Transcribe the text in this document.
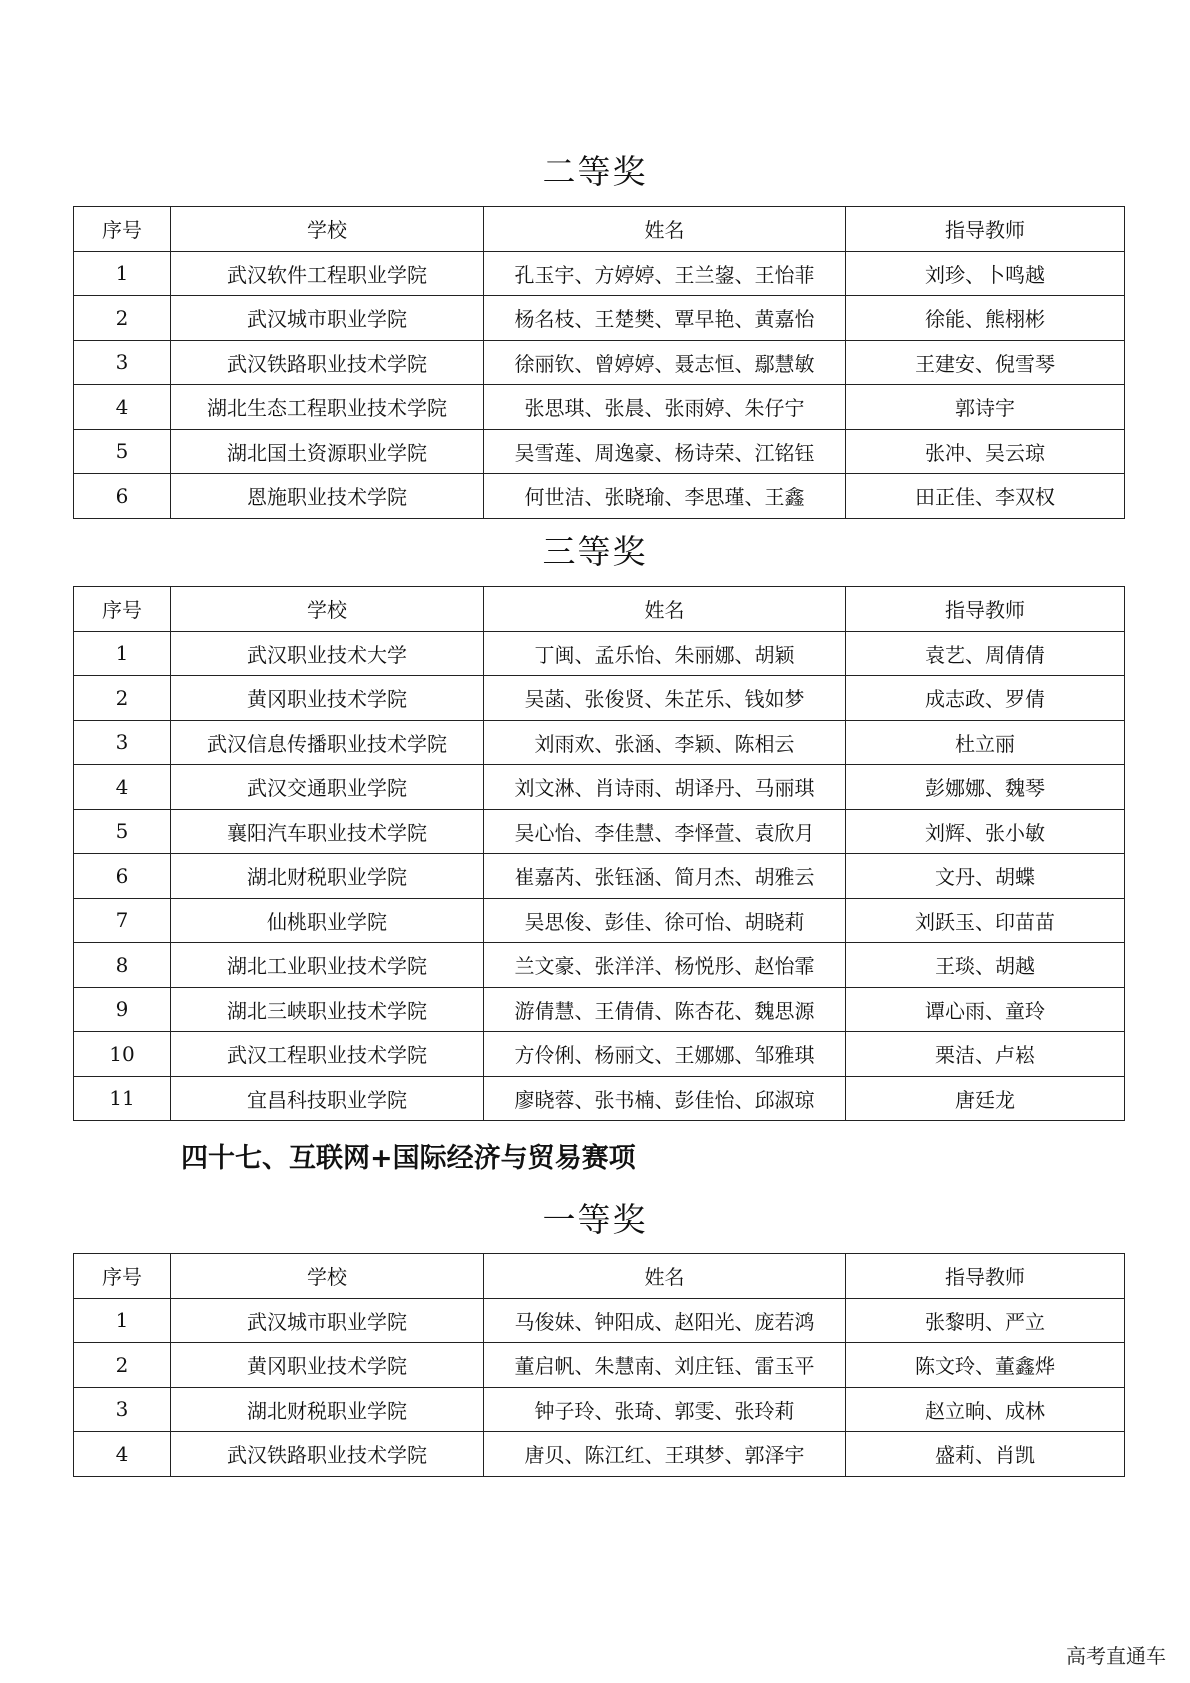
二等奖
序号	学校	姓名	指导教师
1	武汉软件工程职业学院	孔玉宇、方婷婷、王兰鋆、王怡菲	刘珍、卜鸣越
2	武汉城市职业学院	杨名枝、王楚樊、覃早艳、黄嘉怡	徐能、熊栩彬
3	武汉铁路职业技术学院	徐丽钦、曾婷婷、聂志恒、鄢慧敏	王建安、倪雪琴
4	湖北生态工程职业技术学院	张思琪、张晨、张雨婷、朱仔宁	郭诗宇
5	湖北国土资源职业学院	吴雪莲、周逸豪、杨诗荣、江铭钰	张冲、吴云琼
6	恩施职业技术学院	何世洁、张晓瑜、李思瑾、王鑫	田正佳、李双权
三等奖
序号	学校	姓名	指导教师
1	武汉职业技术大学	丁闽、孟乐怡、朱丽娜、胡颖	袁艺、周倩倩
2	黄冈职业技术学院	吴菡、张俊贤、朱芷乐、钱如梦	成志政、罗倩
3	武汉信息传播职业技术学院	刘雨欢、张涵、李颖、陈相云	杜立丽
4	武汉交通职业学院	刘文淋、肖诗雨、胡译丹、马丽琪	彭娜娜、魏琴
5	襄阳汽车职业技术学院	吴心怡、李佳慧、李怿萱、袁欣月	刘辉、张小敏
6	湖北财税职业学院	崔嘉芮、张钰涵、简月杰、胡雅云	文丹、胡蝶
7	仙桃职业学院	吴思俊、彭佳、徐可怡、胡晓莉	刘跃玉、印苗苗
8	湖北工业职业技术学院	兰文豪、张洋洋、杨悦彤、赵怡霏	王琰、胡越
9	湖北三峡职业技术学院	游倩慧、王倩倩、陈杏花、魏思源	谭心雨、童玲
10	武汉工程职业技术学院	方伶俐、杨丽文、王娜娜、邹雅琪	栗洁、卢崧
11	宜昌科技职业学院	廖晓蓉、张书楠、彭佳怡、邱淑琼	唐廷龙
四十七、互联网+国际经济与贸易赛项
一等奖
序号	学校	姓名	指导教师
1	武汉城市职业学院	马俊妹、钟阳成、赵阳光、庞若鸿	张黎明、严立
2	黄冈职业技术学院	董启帆、朱慧南、刘庄钰、雷玉平	陈文玲、董鑫烨
3	湖北财税职业学院	钟子玲、张琦、郭雯、张玲莉	赵立晌、成林
4	武汉铁路职业技术学院	唐贝、陈江红、王琪梦、郭泽宇	盛莉、肖凯
高考直通车
